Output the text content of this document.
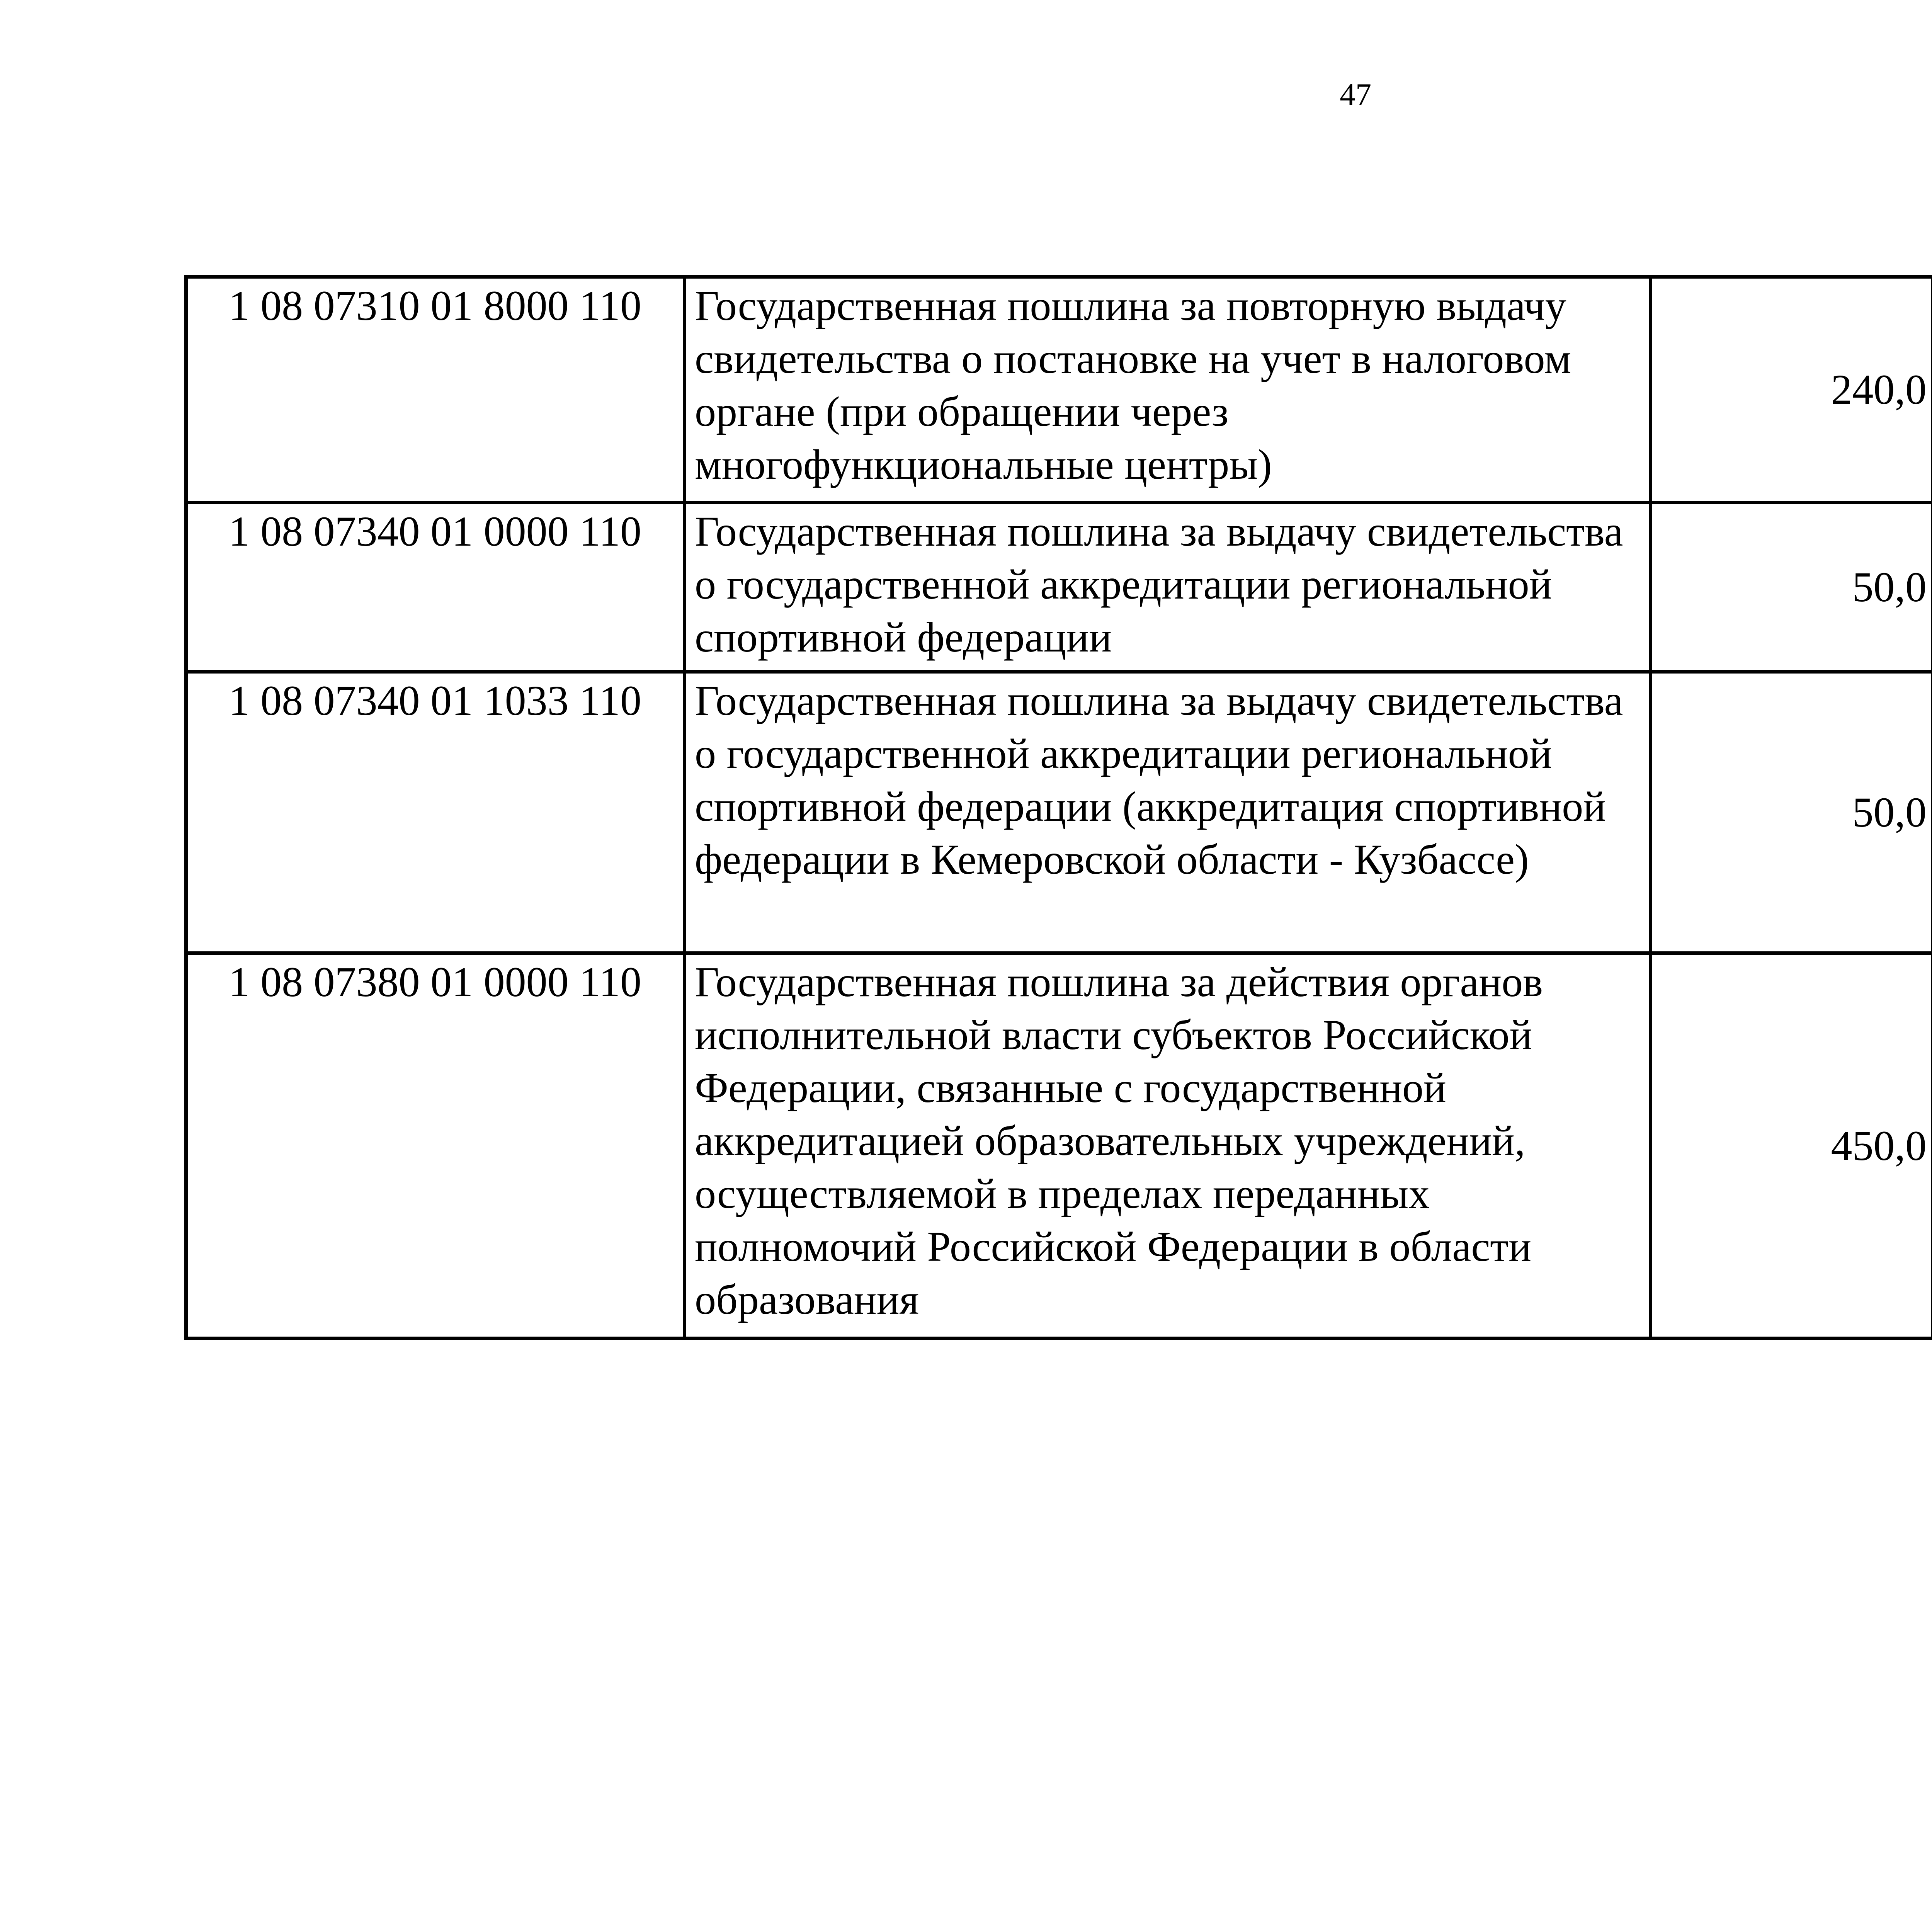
47
1 08 07310 01 8000 110	Государственная пошлина за повторную выдачу свидетельства о постановке на учет в налоговом органе (при обращении через многофункциональные центры)	240,0		
1 08 07340 01 0000 110	Государственная пошлина за выдачу свидетельства о государственной аккредитации региональной спортивной федерации	50,0		
1 08 07340 01 1033 110	Государственная пошлина за выдачу свидетельства о государственной аккредитации региональной спортивной федерации (аккредитация спортивной федерации в Кемеровской области - Кузбассе)	50,0		
1 08 07380 01 0000 110	Государственная пошлина за действия органов исполнительной власти субъектов Российской Федерации, связанные с государственной аккредитацией образовательных учреждений, осуществляемой в пределах переданных полномочий Российской Федерации в области образования	450,0		
